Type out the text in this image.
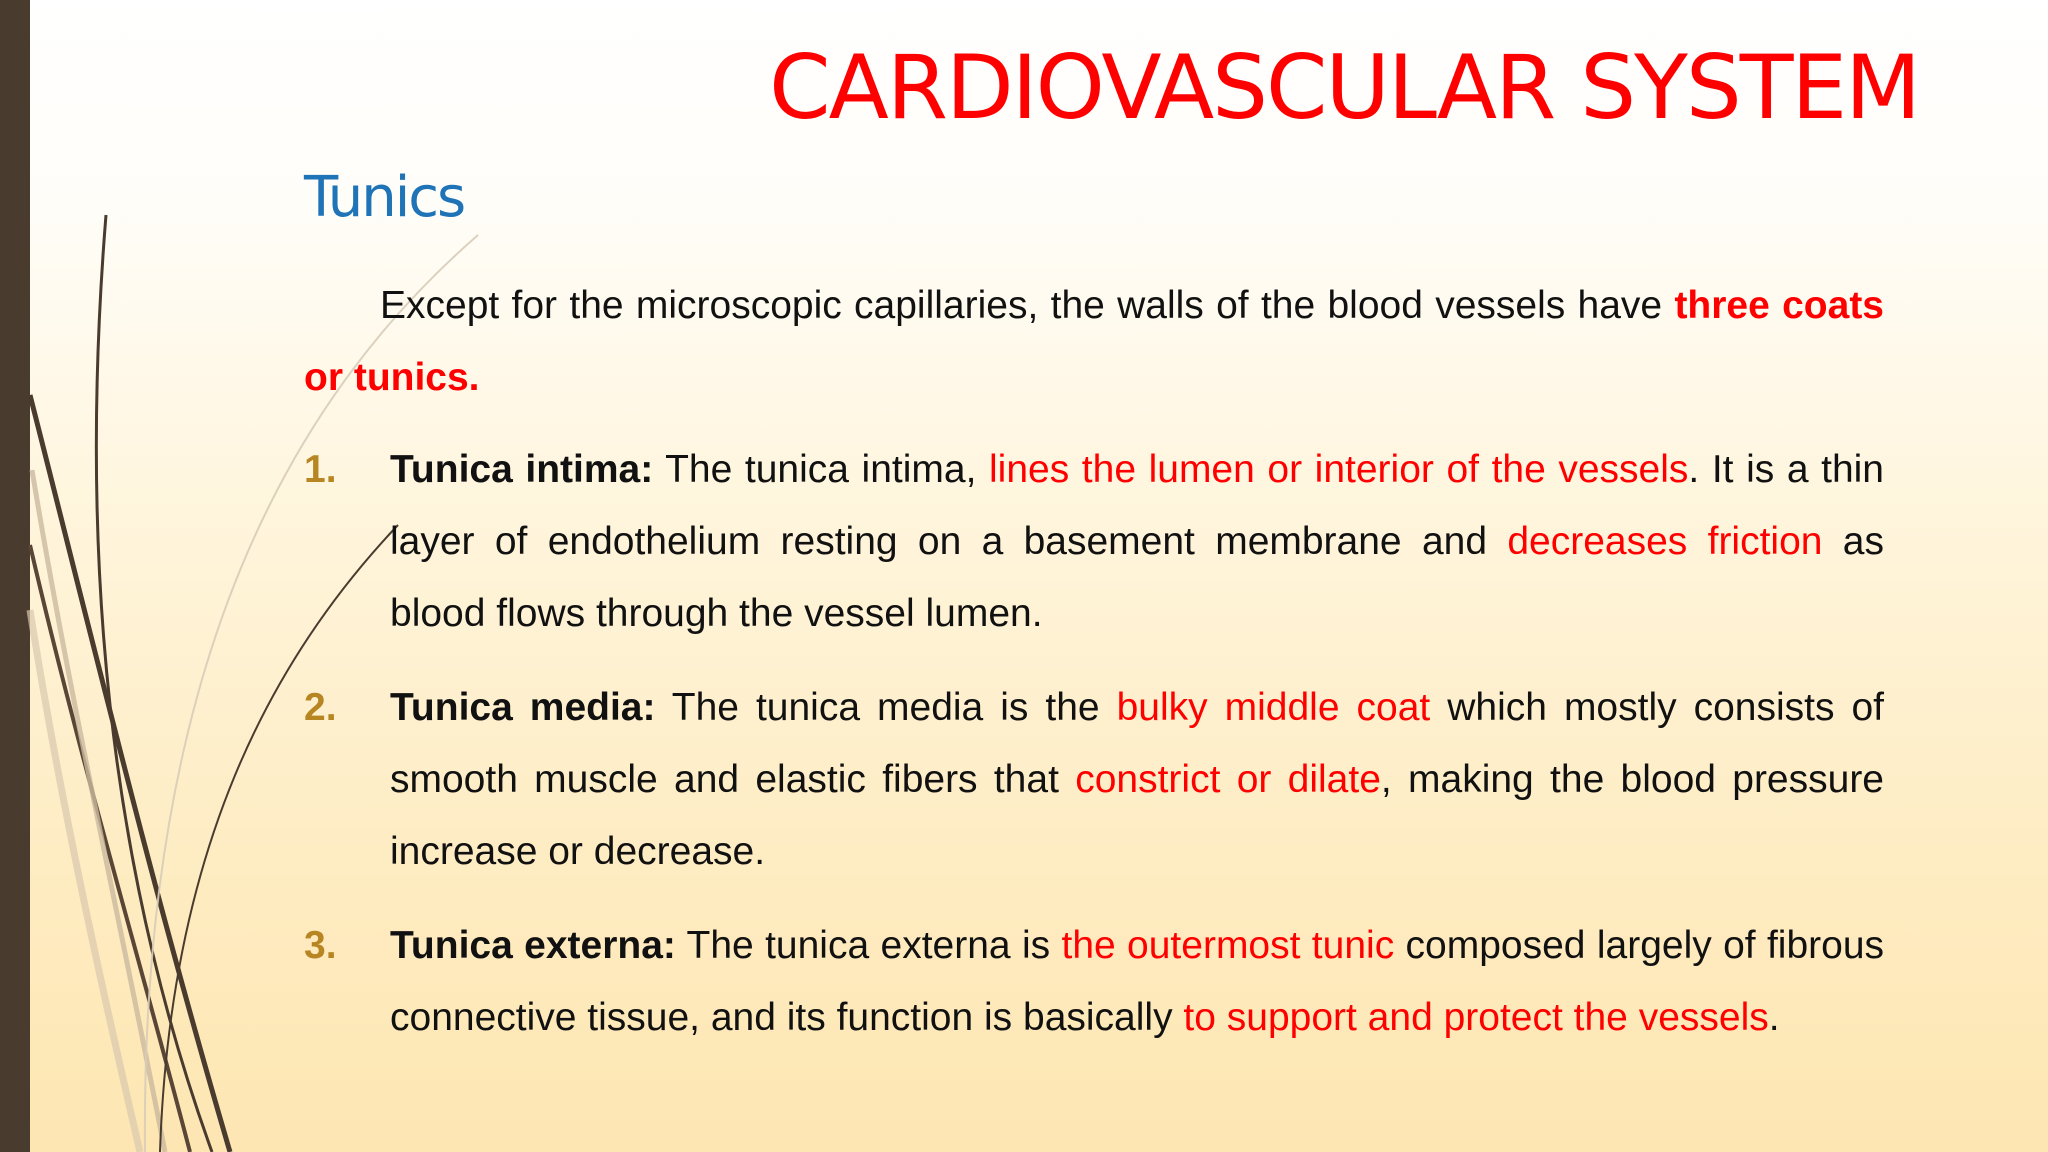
CARDIOVASCULAR SYSTEM
Tunics

Except for the microscopic capillaries, the walls of the blood vessels have three coats or tunics.

1. Tunica intima: The tunica intima, lines the lumen or interior of the vessels. It is a thin layer of endothelium resting on a basement membrane and decreases friction as blood flows through the vessel lumen.

2. Tunica media: The tunica media is the bulky middle coat which mostly consists of smooth muscle and elastic fibers that constrict or dilate, making the blood pressure increase or decrease.

3. Tunica externa: The tunica externa is the outermost tunic composed largely of fibrous connective tissue, and its function is basically to support and protect the vessels.
